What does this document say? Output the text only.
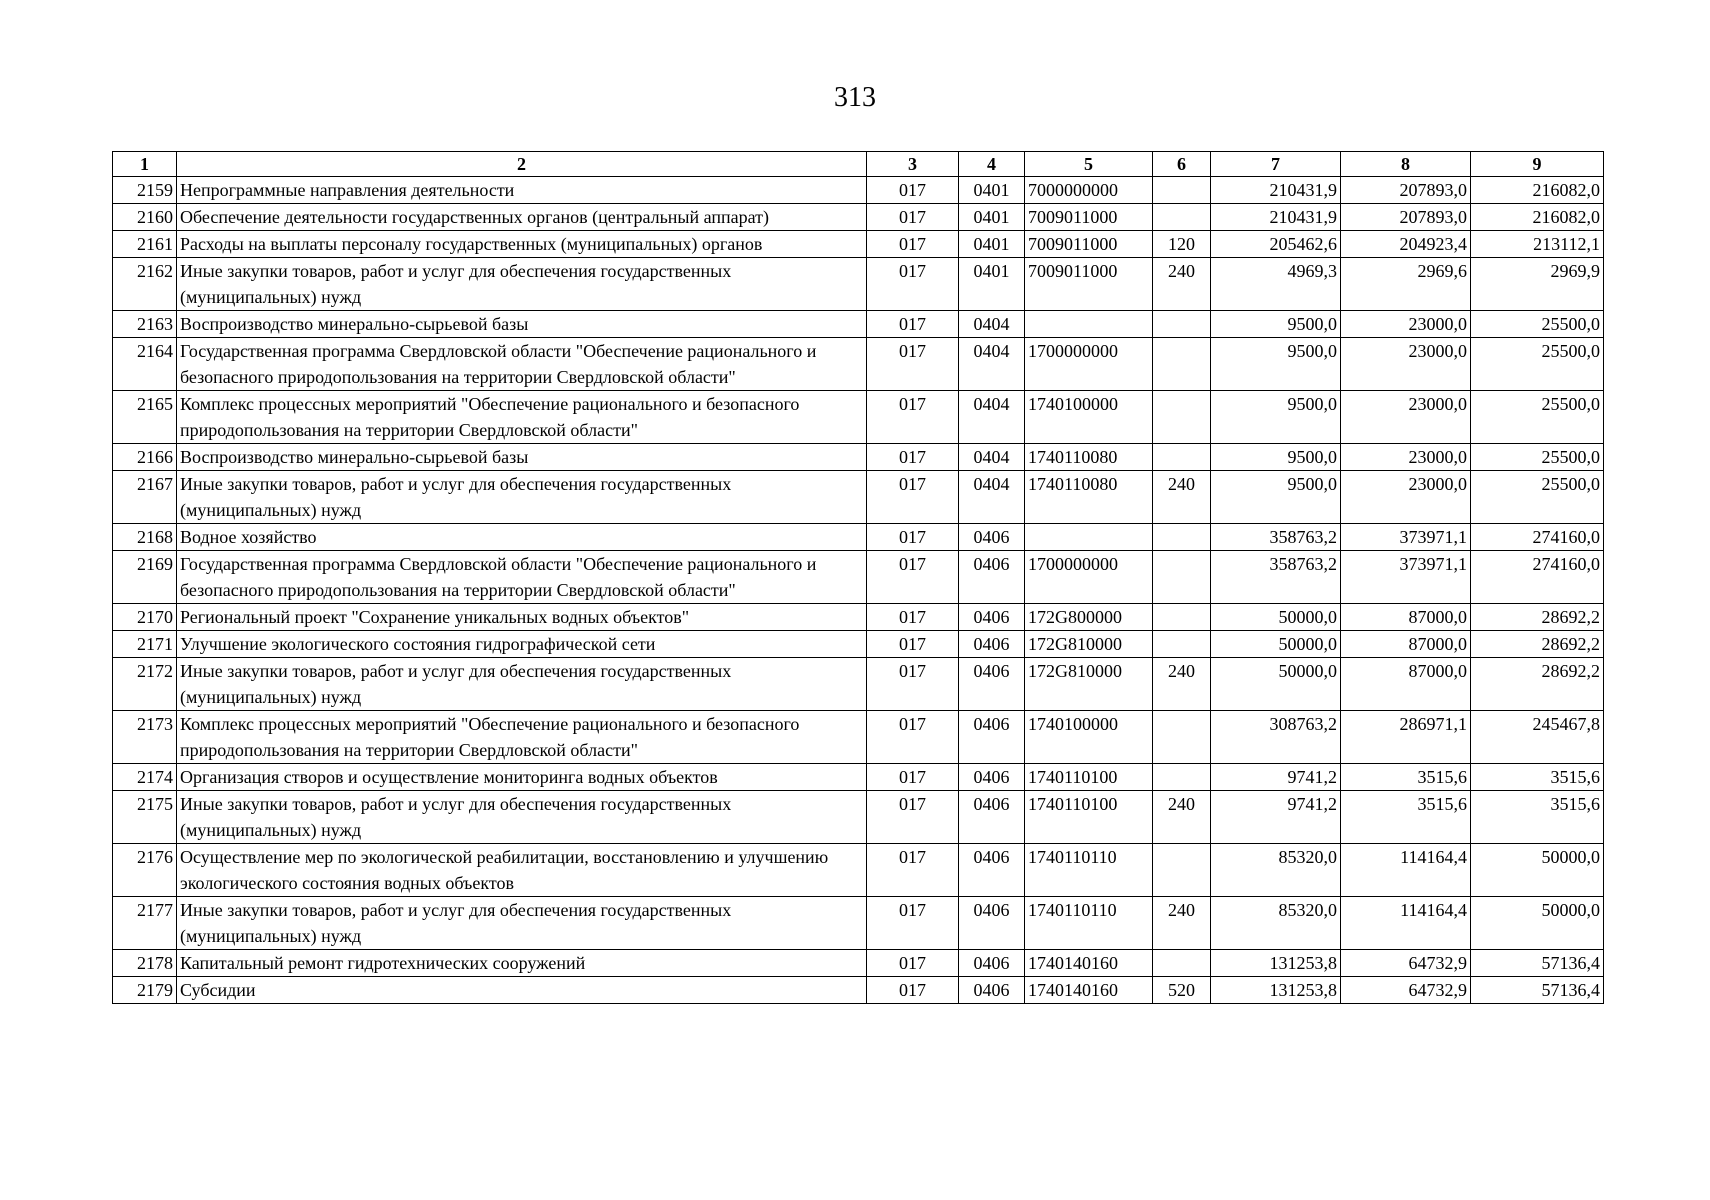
313
1	2	3	4	5	6	7	8	9
2159	Непрограммные направления деятельности	017	0401	7000000000		210431,9	207893,0	216082,0
2160	Обеспечение деятельности государственных органов (центральный аппарат)	017	0401	7009011000		210431,9	207893,0	216082,0
2161	Расходы на выплаты персоналу государственных (муниципальных) органов	017	0401	7009011000	120	205462,6	204923,4	213112,1
2162	Иные закупки товаров, работ и услуг для обеспечения государственных (муниципальных) нужд	017	0401	7009011000	240	4969,3	2969,6	2969,9
2163	Воспроизводство минерально-сырьевой базы	017	0404			9500,0	23000,0	25500,0
2164	Государственная программа Свердловской области "Обеспечение рационального и безопасного природопользования на территории Свердловской области"	017	0404	1700000000		9500,0	23000,0	25500,0
2165	Комплекс процессных мероприятий "Обеспечение рационального и безопасного природопользования на территории Свердловской области"	017	0404	1740100000		9500,0	23000,0	25500,0
2166	Воспроизводство минерально-сырьевой базы	017	0404	1740110080		9500,0	23000,0	25500,0
2167	Иные закупки товаров, работ и услуг для обеспечения государственных (муниципальных) нужд	017	0404	1740110080	240	9500,0	23000,0	25500,0
2168	Водное хозяйство	017	0406			358763,2	373971,1	274160,0
2169	Государственная программа Свердловской области "Обеспечение рационального и безопасного природопользования на территории Свердловской области"	017	0406	1700000000		358763,2	373971,1	274160,0
2170	Региональный проект "Сохранение уникальных водных объектов"	017	0406	172G800000		50000,0	87000,0	28692,2
2171	Улучшение экологического состояния гидрографической сети	017	0406	172G810000		50000,0	87000,0	28692,2
2172	Иные закупки товаров, работ и услуг для обеспечения государственных (муниципальных) нужд	017	0406	172G810000	240	50000,0	87000,0	28692,2
2173	Комплекс процессных мероприятий "Обеспечение рационального и безопасного природопользования на территории Свердловской области"	017	0406	1740100000		308763,2	286971,1	245467,8
2174	Организация створов и осуществление мониторинга водных объектов	017	0406	1740110100		9741,2	3515,6	3515,6
2175	Иные закупки товаров, работ и услуг для обеспечения государственных (муниципальных) нужд	017	0406	1740110100	240	9741,2	3515,6	3515,6
2176	Осуществление мер по экологической реабилитации, восстановлению и улучшению экологического состояния водных объектов	017	0406	1740110110		85320,0	114164,4	50000,0
2177	Иные закупки товаров, работ и услуг для обеспечения государственных (муниципальных) нужд	017	0406	1740110110	240	85320,0	114164,4	50000,0
2178	Капитальный ремонт гидротехнических сооружений	017	0406	1740140160		131253,8	64732,9	57136,4
2179	Субсидии	017	0406	1740140160	520	131253,8	64732,9	57136,4
